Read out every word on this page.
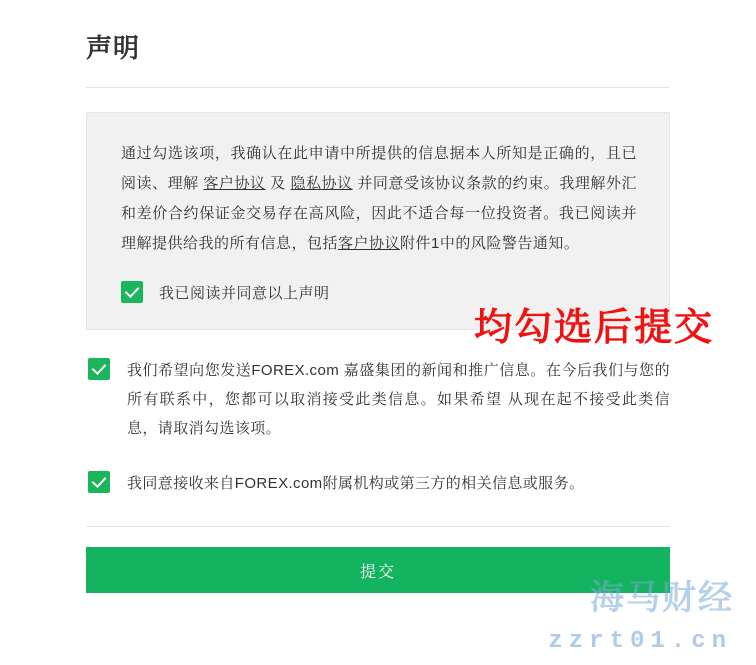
声明
通过勾选该项，我确认在此申请中所提供的信息据本人所知是正确的，且已阅读、理解 客户协议 及 隐私协议 并同意受该协议条款的约束。我理解外汇和差价合约保证金交易存在高风险，因此不适合每一位投资者。我已阅读并理解提供给我的所有信息，包括客户协议附件1中的风险警告通知。
我已阅读并同意以上声明
我们希望向您发送FOREX.com 嘉盛集团的新闻和推广信息。在今后我们与您的所有联系中，您都可以取消接受此类信息。如果希望 从现在起不接受此类信息，请取消勾选该项。
我同意接收来自FOREX.com附属机构或第三方的相关信息或服务。
提交
均勾选后提交
海马财经
zzrt01.cn
